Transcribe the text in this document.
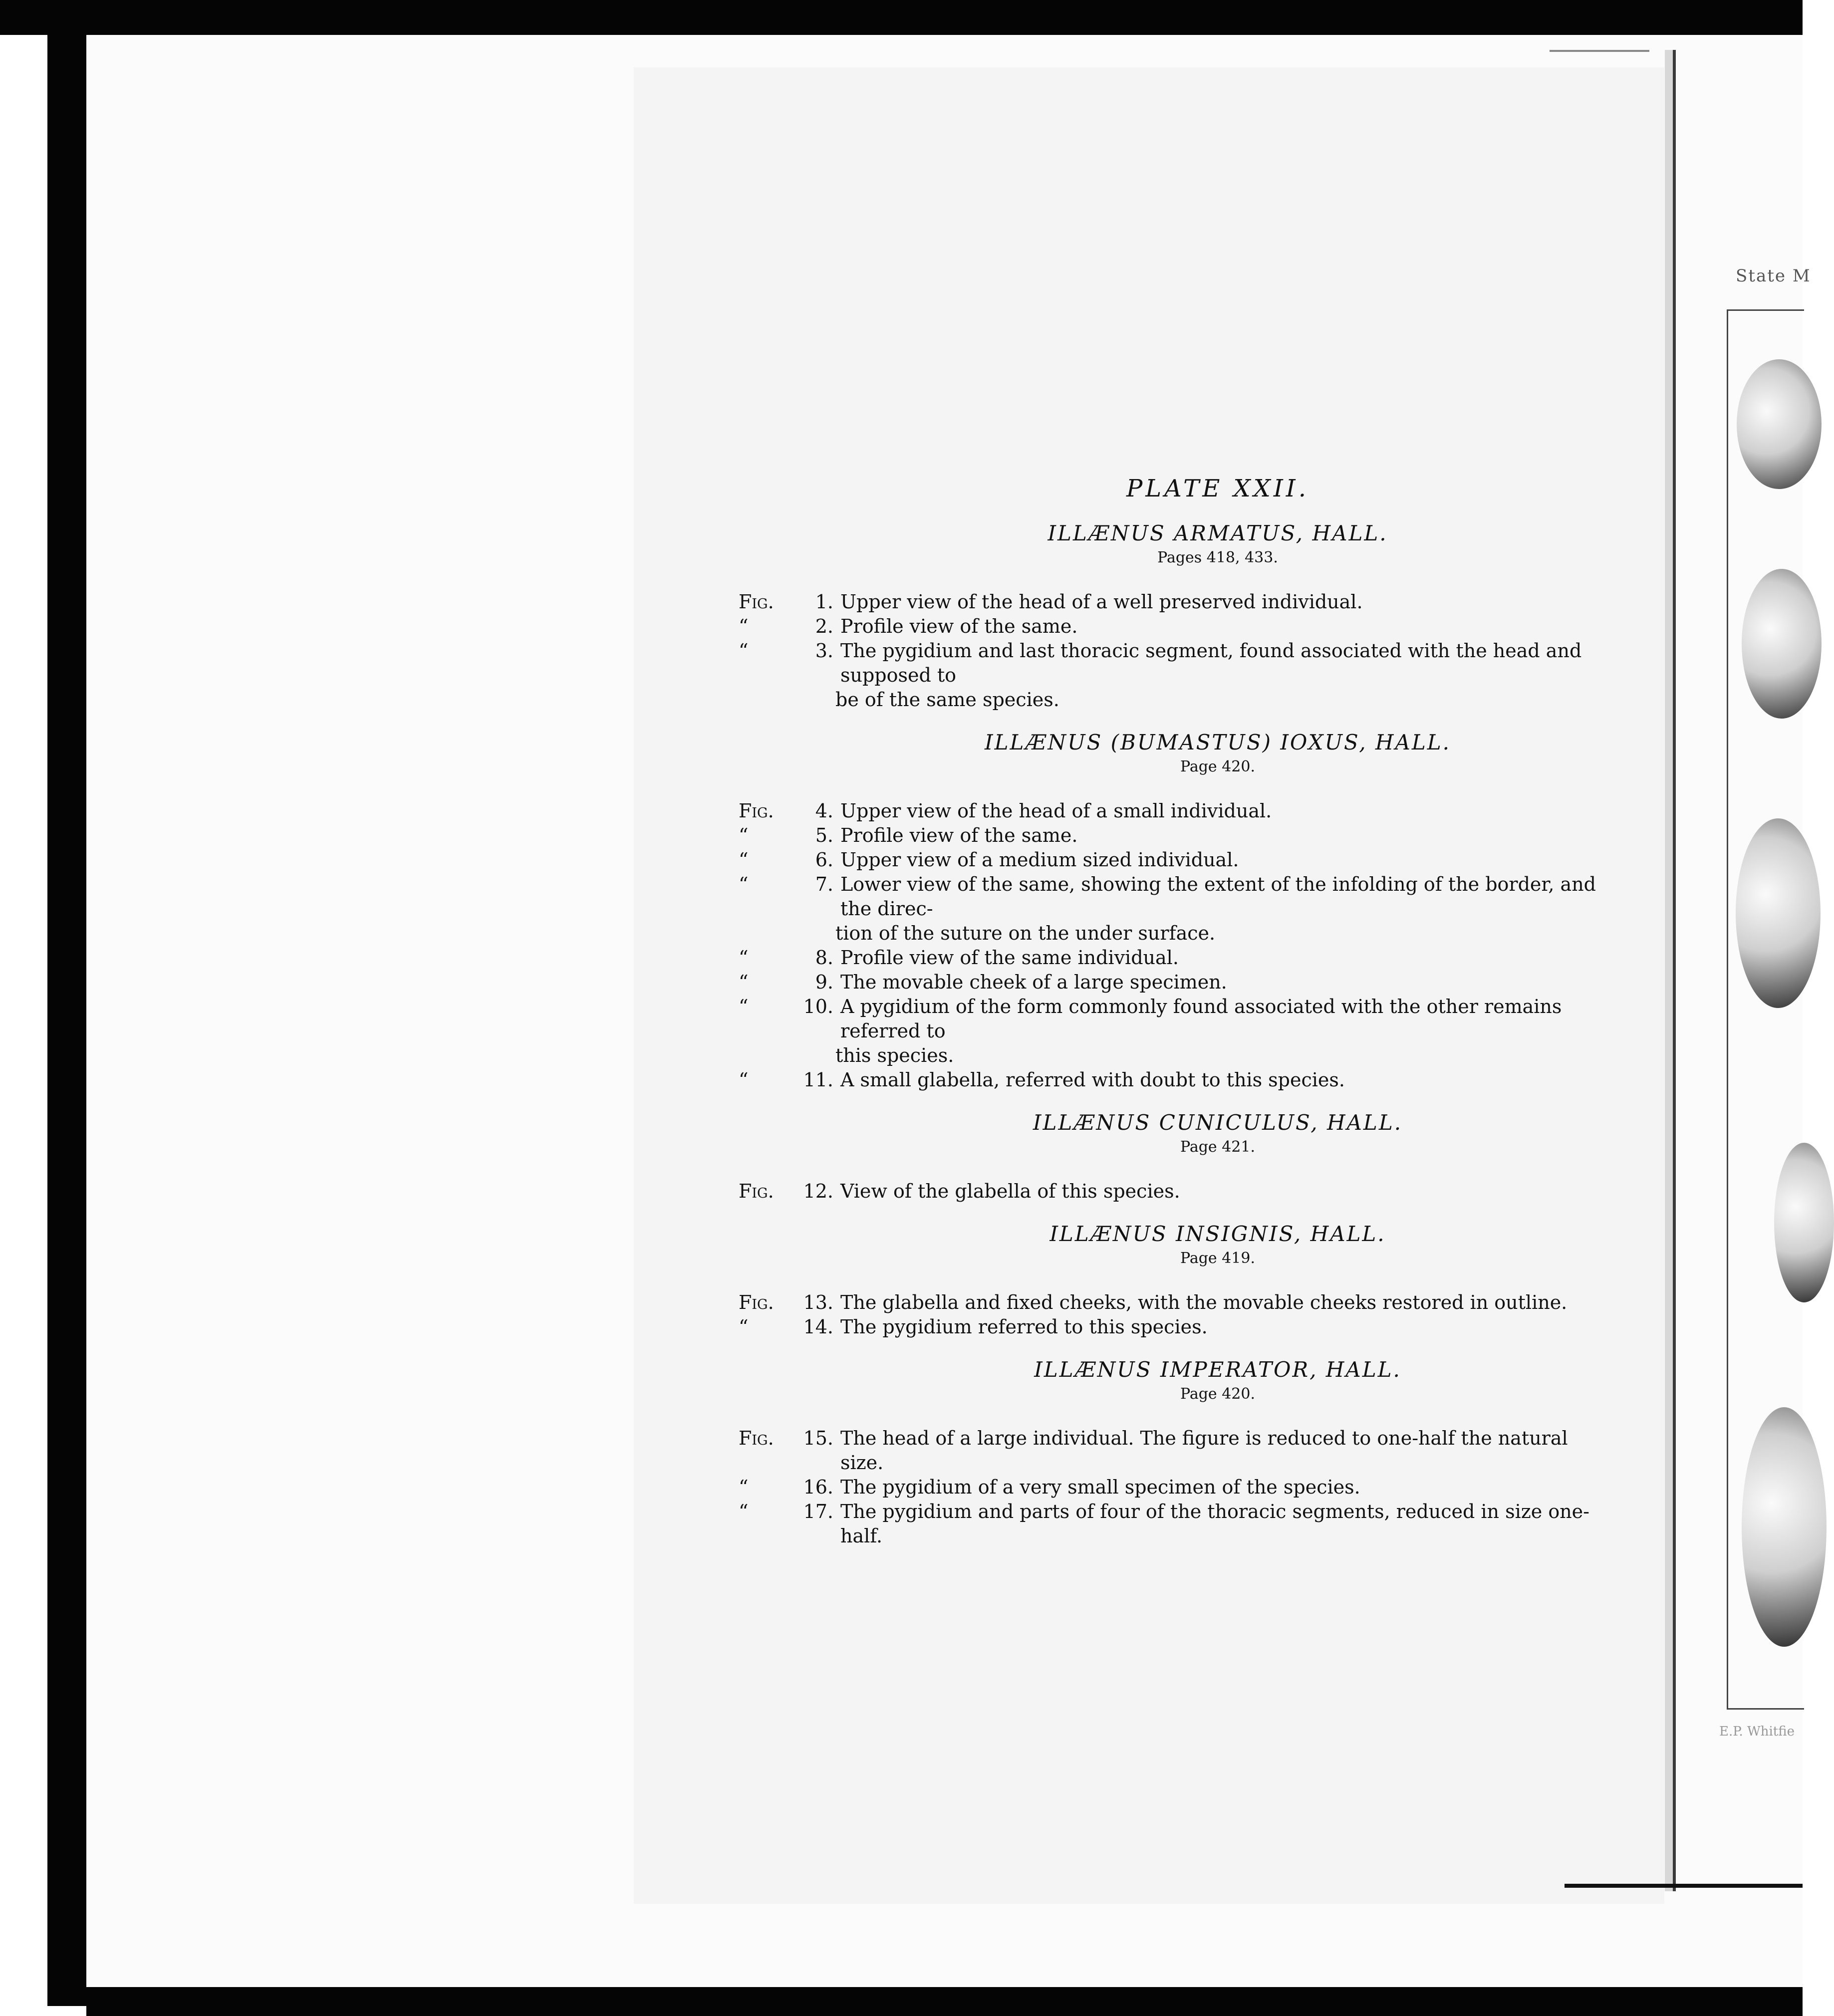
State M
E.P. Whitfie
PLATE XXII.
ILLÆNUS ARMATUS, HALL.
Pages 418, 433.
Fig.	1. Upper view of the head of a well preserved individual.
“	2. Profile view of the same.
“	3. The pygidium and last thoracic segment, found associated with the head and supposed to
be of the same species.
ILLÆNUS (BUMASTUS) IOXUS, HALL.
Page 420.
Fig.	4. Upper view of the head of a small individual.
“	5. Profile view of the same.
“	6. Upper view of a medium sized individual.
“	7. Lower view of the same, showing the extent of the infolding of the border, and the direc-
tion of the suture on the under surface.
“	8. Profile view of the same individual.
“	9. The movable cheek of a large specimen.
“	10. A pygidium of the form commonly found associated with the other remains referred to
this species.
“	11. A small glabella, referred with doubt to this species.
ILLÆNUS CUNICULUS, HALL.
Page 421.
Fig.	12. View of the glabella of this species.
ILLÆNUS INSIGNIS, HALL.
Page 419.
Fig.	13. The glabella and fixed cheeks, with the movable cheeks restored in outline.
“	14. The pygidium referred to this species.
ILLÆNUS IMPERATOR, HALL.
Page 420.
Fig.	15. The head of a large individual. The figure is reduced to one-half the natural size.
“	16. The pygidium of a very small specimen of the species.
“	17. The pygidium and parts of four of the thoracic segments, reduced in size one-half.
